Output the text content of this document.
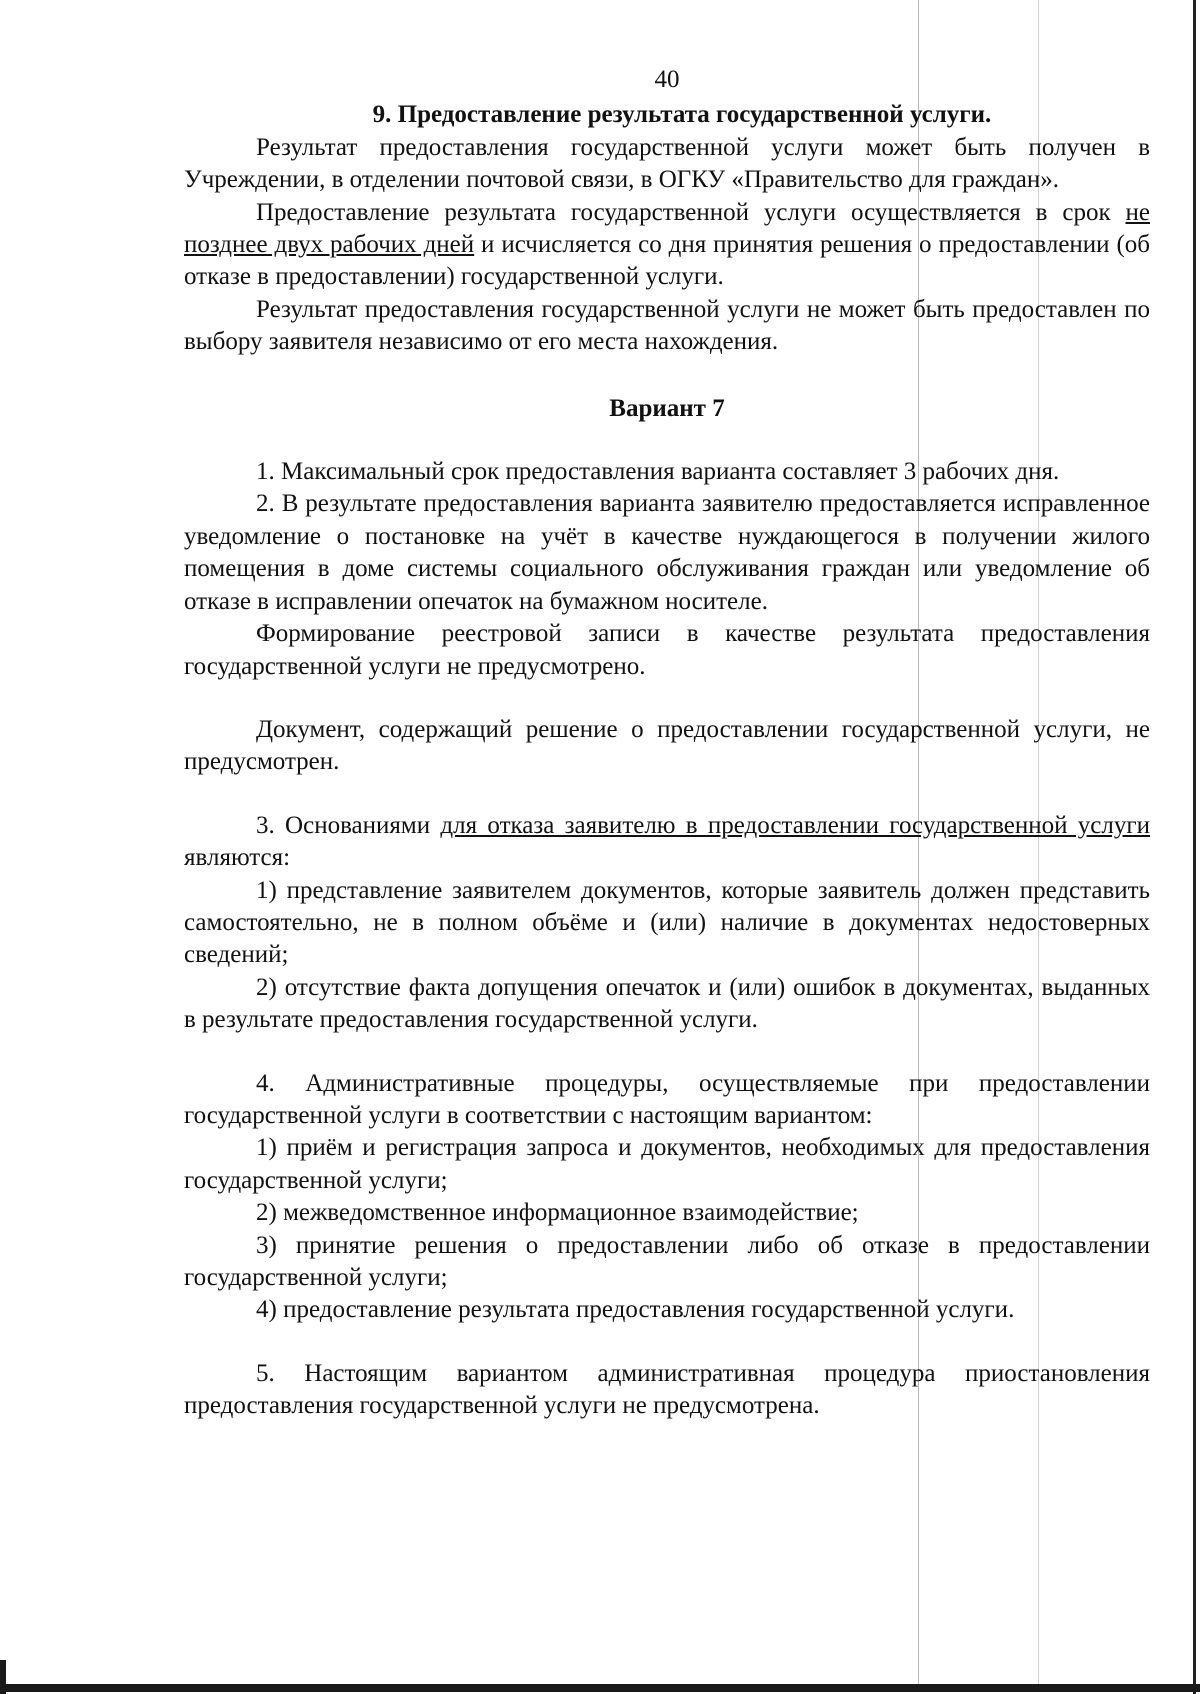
40
9. Предоставление результата государственной услуги.

Результат предоставления государственной услуги может быть получен в Учреждении, в отделении почтовой связи, в ОГКУ «Правительство для граждан».

Предоставление результата государственной услуги осуществляется в срок не позднее двух рабочих дней и исчисляется со дня принятия решения о предоставлении (об отказе в предоставлении) государственной услуги.

Результат предоставления государственной услуги не может быть предоставлен по выбору заявителя независимо от его места нахождения.

Вариант 7

1. Максимальный срок предоставления варианта составляет 3 рабочих дня.

2. В результате предоставления варианта заявителю предоставляется исправленное уведомление о постановке на учёт в качестве нуждающегося в получении жилого помещения в доме системы социального обслуживания граждан или уведомление об отказе в исправлении опечаток на бумажном носителе.

Формирование реестровой записи в качестве результата предоставления государственной услуги не предусмотрено.

Документ, содержащий решение о предоставлении государственной услуги, не предусмотрен.

3. Основаниями для отказа заявителю в предоставлении государственной услуги являются:

1) представление заявителем документов, которые заявитель должен представить самостоятельно, не в полном объёме и (или) наличие в документах недостоверных сведений;

2) отсутствие факта допущения опечаток и (или) ошибок в документах, выданных в результате предоставления государственной услуги.

4. Административные процедуры, осуществляемые при предоставлении государственной услуги в соответствии с настоящим вариантом:

1) приём и регистрация запроса и документов, необходимых для предоставления государственной услуги;

2) межведомственное информационное взаимодействие;

3) принятие решения о предоставлении либо об отказе в предоставлении государственной услуги;

4) предоставление результата предоставления государственной услуги.

5. Настоящим вариантом административная процедура приостановления предоставления государственной услуги не предусмотрена.
